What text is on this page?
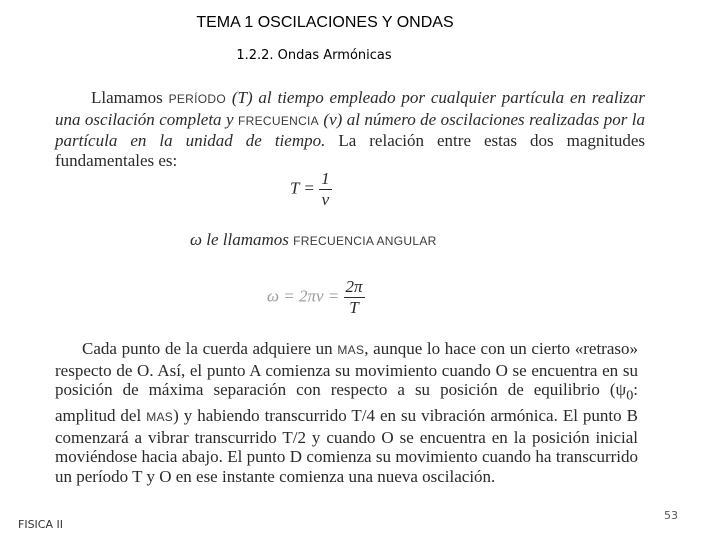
TEMA 1 OSCILACIONES Y ONDAS
1.2.2. Ondas Armónicas

Llamamos PERÍODO (T) al tiempo empleado por cualquier partícula en realizar una oscilación completa y FRECUENCIA (ν) al número de oscilaciones realizadas por la partícula en la unidad de tiempo. La relación entre estas dos magnitudes fundamentales es:

$T = \frac{1}{\nu}$
ω le llamamos FRECUENCIA ANGULAR
$\omega = 2\pi\nu = \frac{2\pi}{T}$

Cada punto de la cuerda adquiere un MAS, aunque lo hace con un cierto «retraso» respecto de O. Así, el punto A comienza su movimiento cuando O se encuentra en su posición de máxima separación con respecto a su posición de equilibrio ($\psi_0$: amplitud del MAS) y habiendo transcurrido T/4 en su vibración armónica. El punto B comenzará a vibrar transcurrido T/2 y cuando O se encuentra en la posición inicial moviéndose hacia abajo. El punto D comienza su movimiento cuando ha transcurrido un período T y O en ese instante comienza una nueva oscilación.

FISICA II
53
